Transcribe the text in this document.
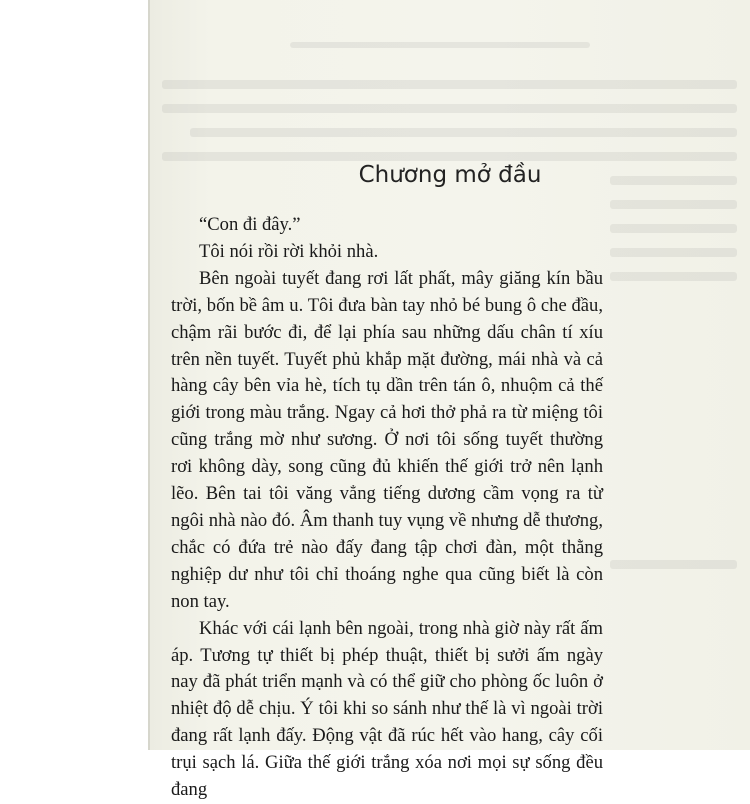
Chương mở đầu

“Con đi đây.”

Tôi nói rồi rời khỏi nhà.

Bên ngoài tuyết đang rơi lất phất, mây giăng kín bầu trời, bốn bề âm u. Tôi đưa bàn tay nhỏ bé bung ô che đầu, chậm rãi bước đi, để lại phía sau những dấu chân tí xíu trên nền tuyết. Tuyết phủ khắp mặt đường, mái nhà và cả hàng cây bên vỉa hè, tích tụ dần trên tán ô, nhuộm cả thế giới trong màu trắng. Ngay cả hơi thở phả ra từ miệng tôi cũng trắng mờ như sương. Ở nơi tôi sống tuyết thường rơi không dày, song cũng đủ khiến thế giới trở nên lạnh lẽo. Bên tai tôi văng vẳng tiếng dương cầm vọng ra từ ngôi nhà nào đó. Âm thanh tuy vụng về nhưng dễ thương, chắc có đứa trẻ nào đấy đang tập chơi đàn, một thằng nghiệp dư như tôi chỉ thoáng nghe qua cũng biết là còn non tay.

Khác với cái lạnh bên ngoài, trong nhà giờ này rất ấm áp. Tương tự thiết bị phép thuật, thiết bị sưởi ấm ngày nay đã phát triển mạnh và có thể giữ cho phòng ốc luôn ở nhiệt độ dễ chịu. Ý tôi khi so sánh như thế là vì ngoài trời đang rất lạnh đấy. Động vật đã rúc hết vào hang, cây cối trụi sạch lá. Giữa thế giới trắng xóa nơi mọi sự sống đều đang
